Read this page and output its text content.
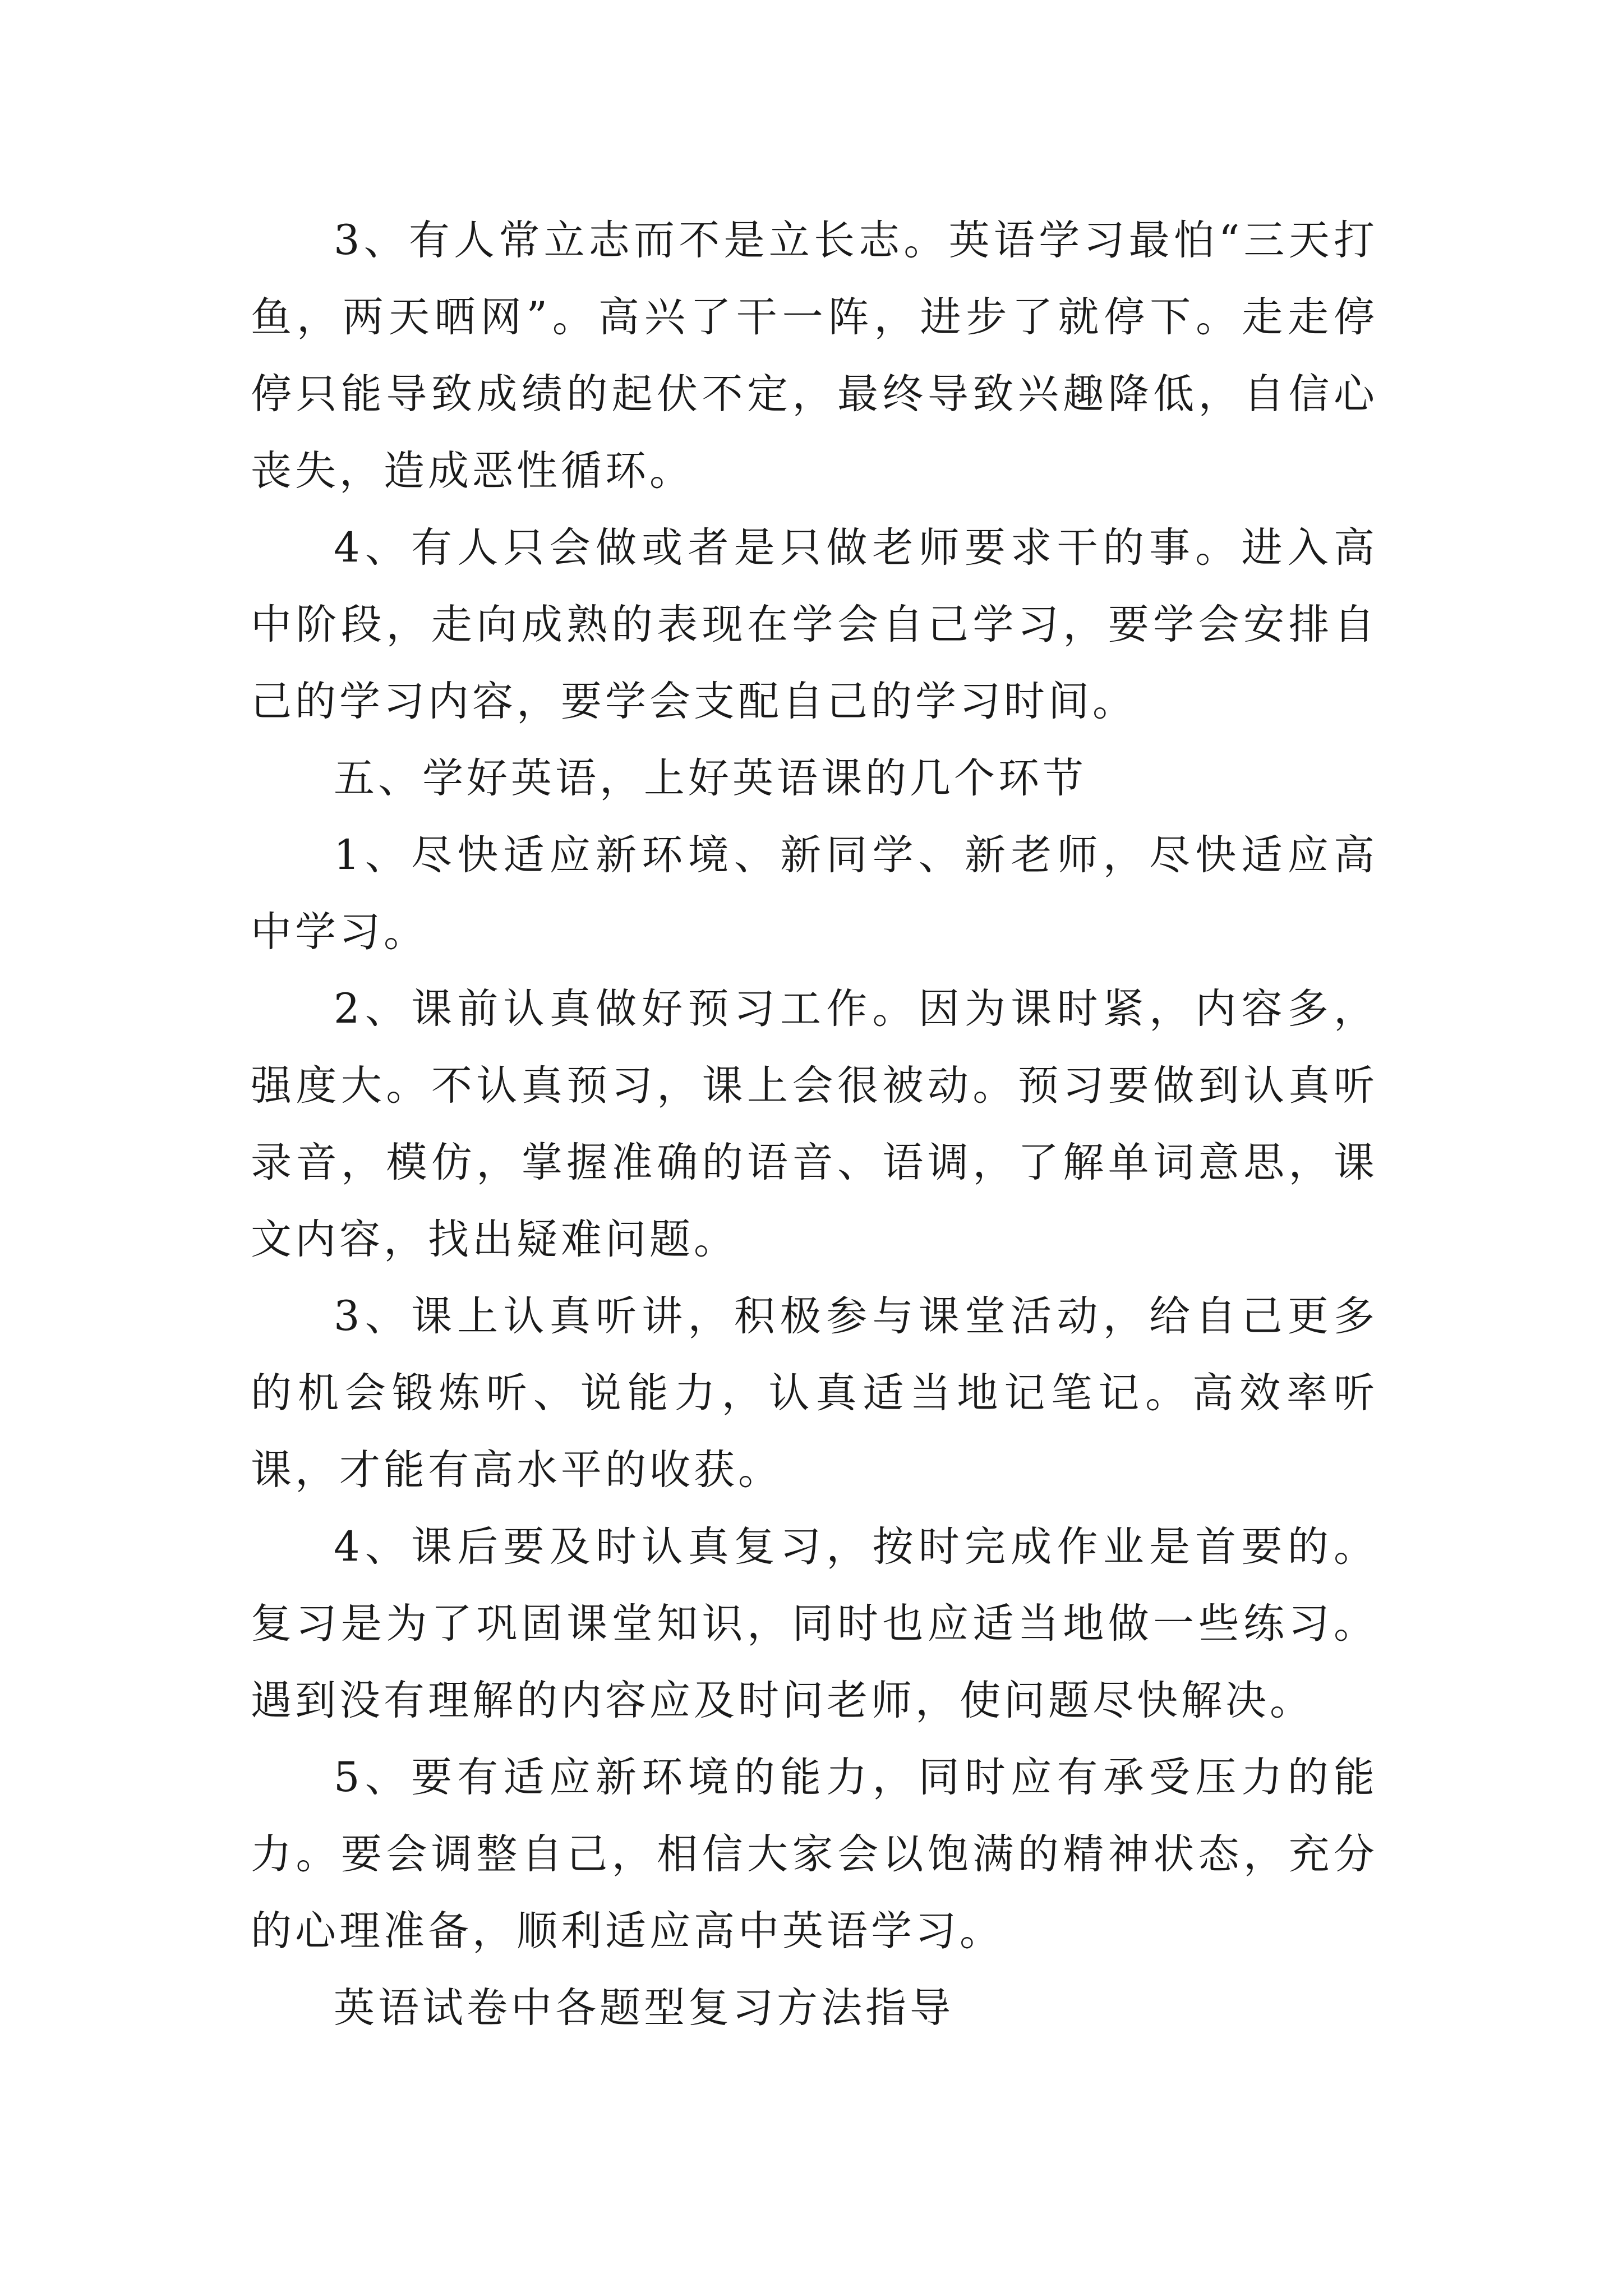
3、有人常立志而不是立长志。英语学习最怕“三天打鱼，两天晒网”。高兴了干一阵，进步了就停下。走走停停只能导致成绩的起伏不定，最终导致兴趣降低，自信心丧失，造成恶性循环。

4、有人只会做或者是只做老师要求干的事。进入高中阶段，走向成熟的表现在学会自己学习，要学会安排自己的学习内容，要学会支配自己的学习时间。

五、学好英语，上好英语课的几个环节

1、尽快适应新环境、新同学、新老师，尽快适应高中学习。

2、课前认真做好预习工作。因为课时紧，内容多，强度大。不认真预习，课上会很被动。预习要做到认真听录音，模仿，掌握准确的语音、语调，了解单词意思，课文内容，找出疑难问题。

3、课上认真听讲，积极参与课堂活动，给自己更多的机会锻炼听、说能力，认真适当地记笔记。高效率听课，才能有高水平的收获。

4、课后要及时认真复习，按时完成作业是首要的。复习是为了巩固课堂知识，同时也应适当地做一些练习。遇到没有理解的内容应及时问老师，使问题尽快解决。

5、要有适应新环境的能力，同时应有承受压力的能力。要会调整自己，相信大家会以饱满的精神状态，充分的心理准备，顺利适应高中英语学习。

英语试卷中各题型复习方法指导
